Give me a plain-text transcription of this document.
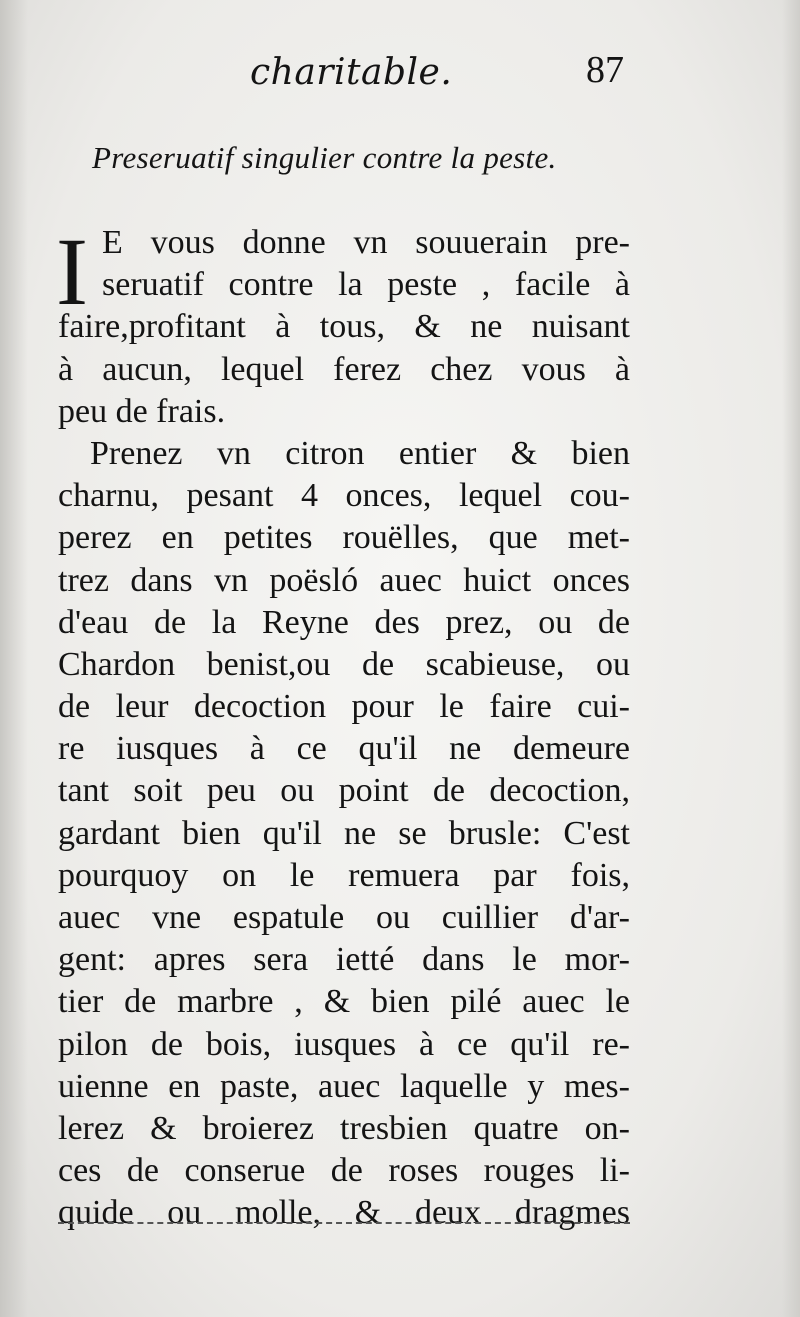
charitable.	87
Preseruatif singulier contre la peste.
I E vous donne vn souuerain pre-
seruatif contre la peste , facile à
faire,profitant à tous, & ne nuisant
à aucun, lequel ferez chez vous à
peu de frais.
Prenez vn citron entier & bien
charnu, pesant 4 onces, lequel cou-
perez en petites rouëlles, que met-
trez dans vn poësló auec huict onces
d'eau de la Reyne des prez, ou de
Chardon benist,ou de scabieuse, ou
de leur decoction pour le faire cui-
re iusques à ce qu'il ne demeure
tant soit peu ou point de decoction,
gardant bien qu'il ne se brusle: C'est
pourquoy on le remuera par fois,
auec vne espatule ou cuillier d'ar-
gent: apres sera ietté dans le mor-
tier de marbre , & bien pilé auec le
pilon de bois, iusques à ce qu'il re-
uienne en paste, auec laquelle y mes-
lerez & broierez tresbien quatre on-
ces de conserue de roses rouges li-
quide ou molle, & deux dragmes
